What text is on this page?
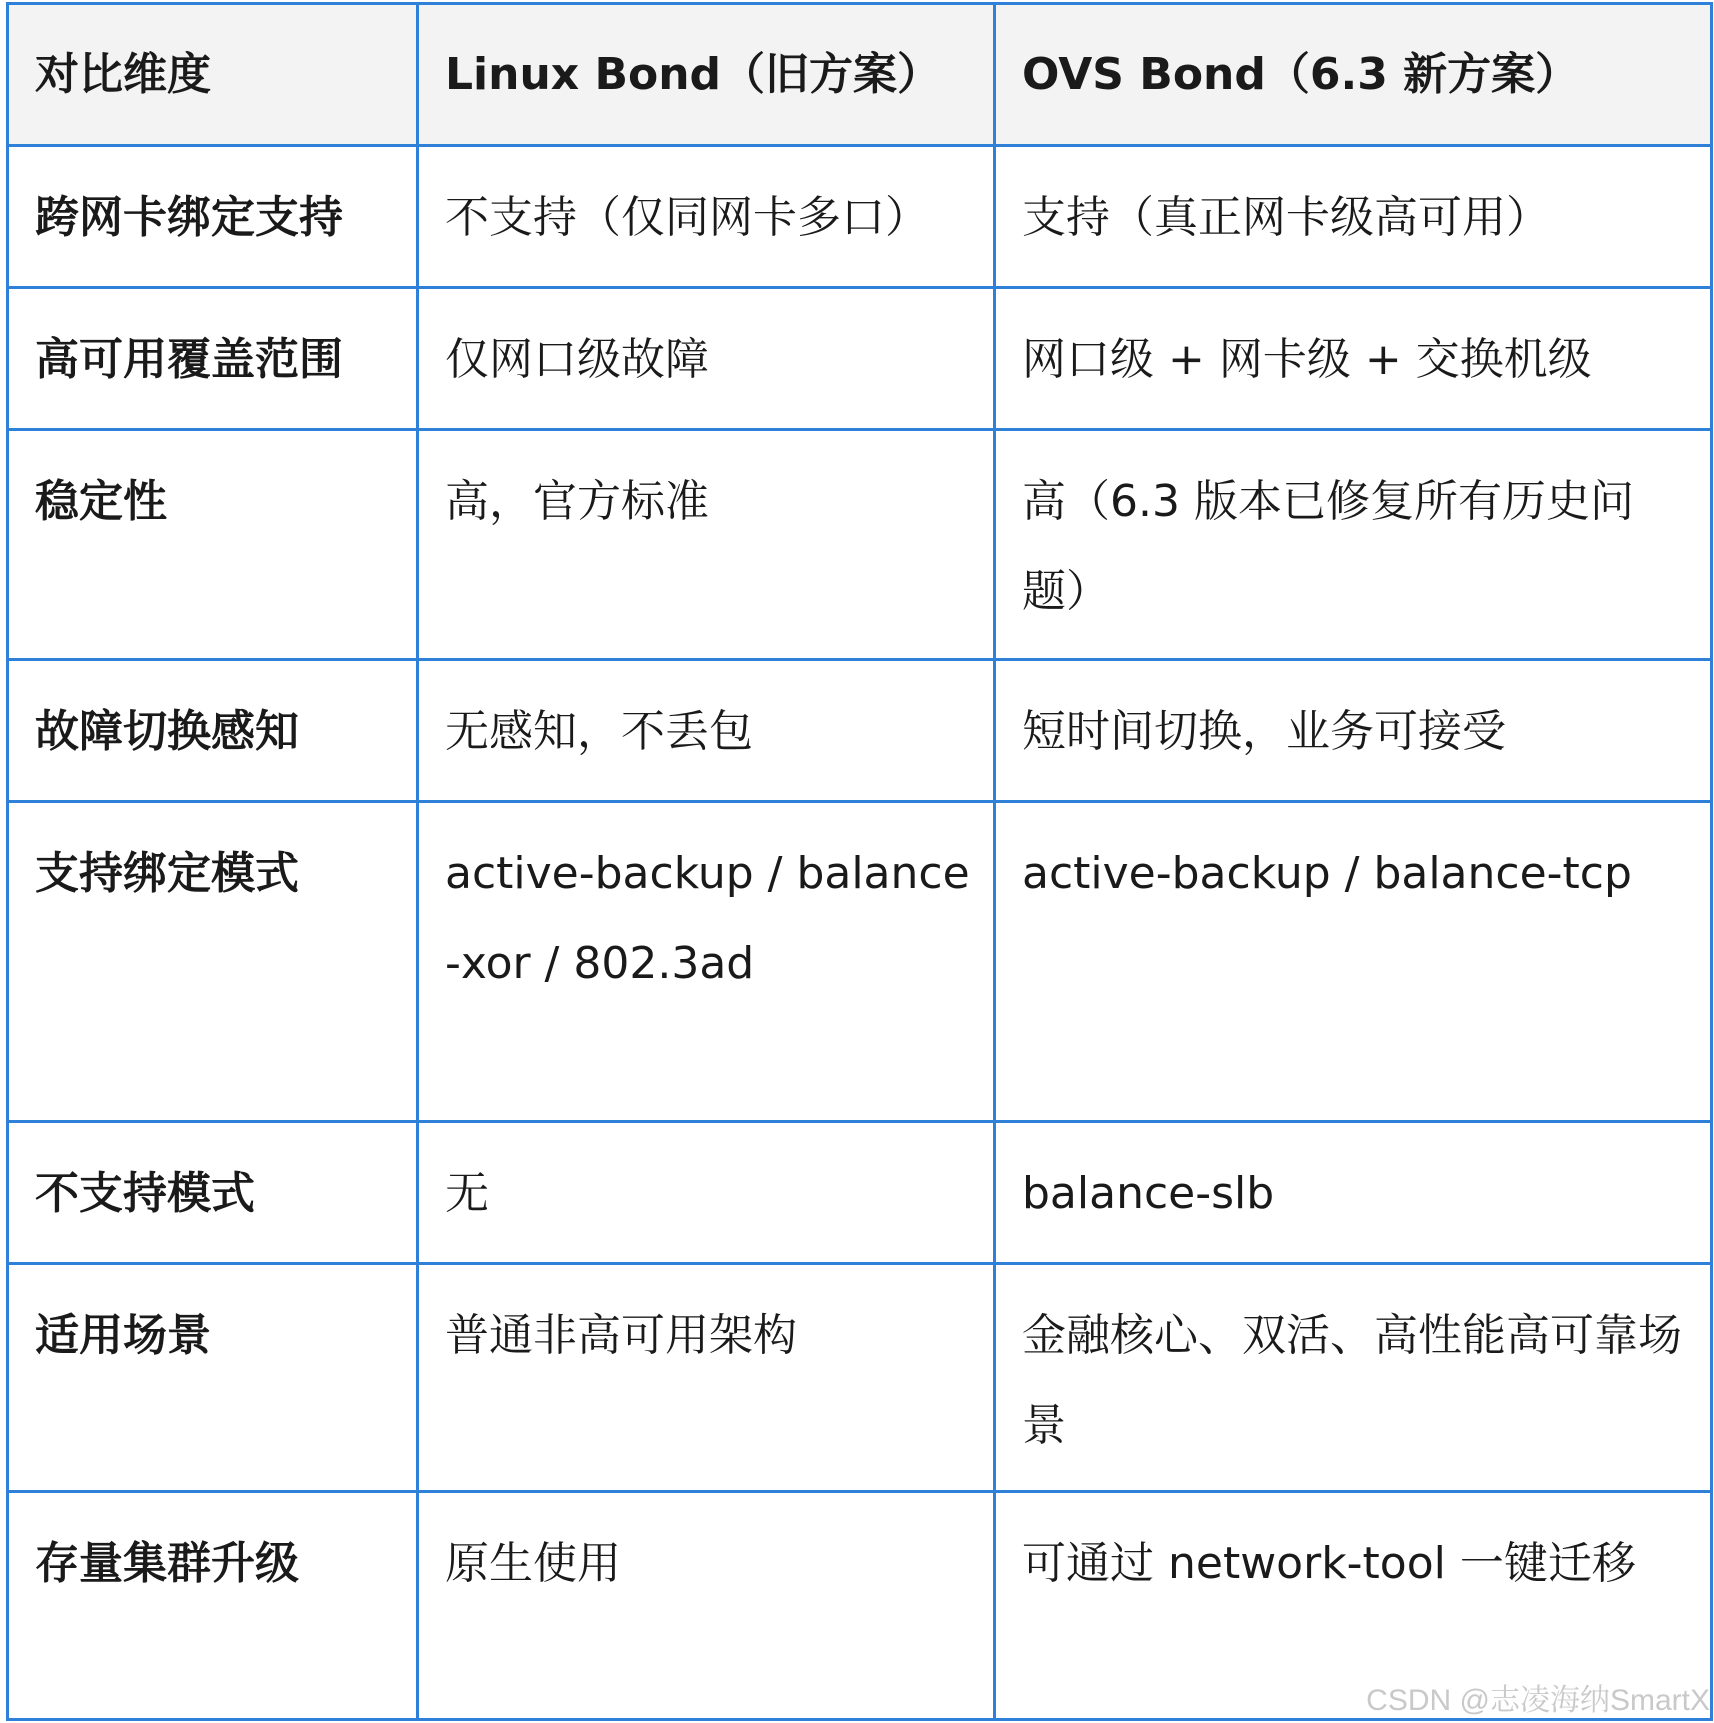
对比维度	Linux Bond（旧方案）	OVS Bond（6.3 新方案）
跨网卡绑定支持	不支持（仅同网卡多口）	支持（真正网卡级高可用）
高可用覆盖范围	仅网口级故障	网口级 + 网卡级 + 交换机级
稳定性	高，官方标准	高（6.3 版本已修复所有历史问题）
故障切换感知	无感知，不丢包	短时间切换，业务可接受
支持绑定模式	active-backup / balance-xor / 802.3ad	active-backup / balance-tcp
不支持模式	无	balance-slb
适用场景	普通非高可用架构	金融核心、双活、高性能高可靠场景
存量集群升级	原生使用	可通过 network-tool 一键迁移
CSDN @志凌海纳SmartX
